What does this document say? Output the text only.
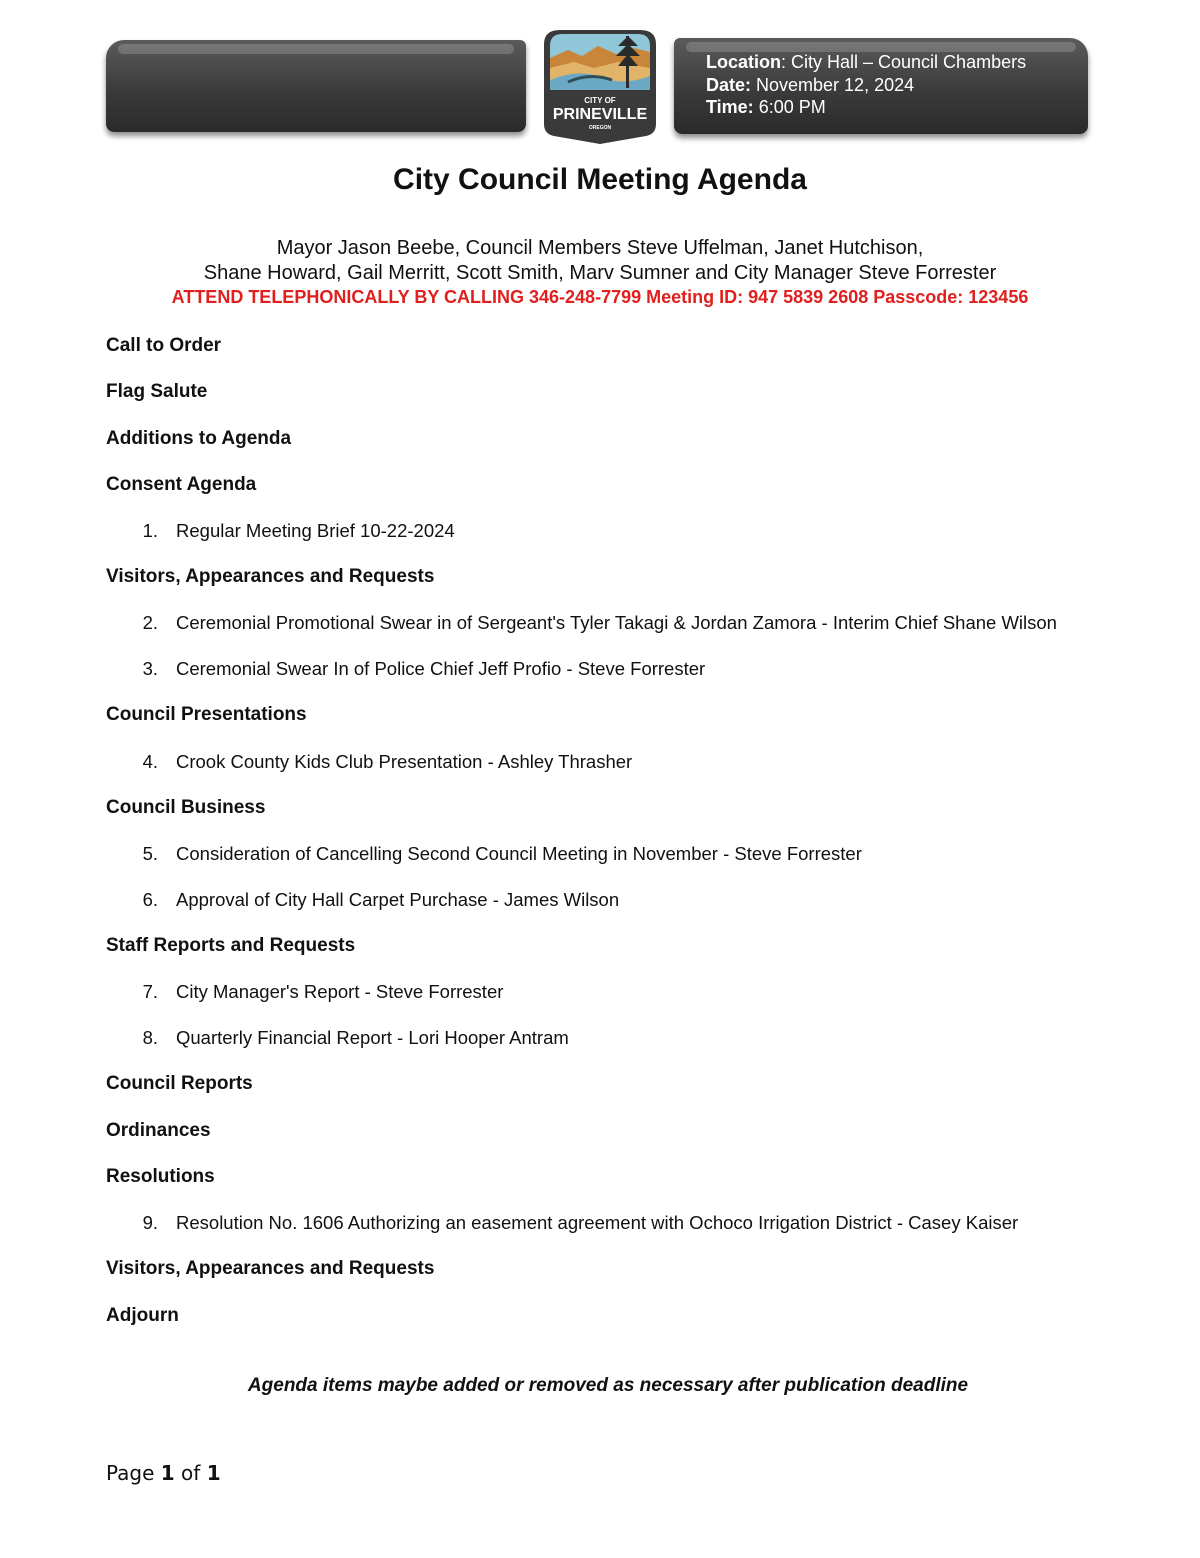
Location: City Hall – Council Chambers
Date: November 12, 2024
Time: 6:00 PM
CITY OF
PRINEVILLE
OREGON
City Council Meeting Agenda
Mayor Jason Beebe, Council Members Steve Uffelman, Janet Hutchison,
Shane Howard, Gail Merritt, Scott Smith, Marv Sumner and City Manager Steve Forrester
ATTEND TELEPHONICALLY BY CALLING 346-248-7799 Meeting ID: 947 5839 2608 Passcode: 123456
Call to Order
Flag Salute
Additions to Agenda
Consent Agenda
1. Regular Meeting Brief 10-22-2024
Visitors, Appearances and Requests
2. Ceremonial Promotional Swear in of Sergeant's Tyler Takagi & Jordan Zamora - Interim Chief Shane Wilson
3. Ceremonial Swear In of Police Chief Jeff Profio - Steve Forrester
Council Presentations
4. Crook County Kids Club Presentation - Ashley Thrasher
Council Business
5. Consideration of Cancelling Second Council Meeting in November - Steve Forrester
6. Approval of City Hall Carpet Purchase - James Wilson
Staff Reports and Requests
7. City Manager's Report - Steve Forrester
8. Quarterly Financial Report - Lori Hooper Antram
Council Reports
Ordinances
Resolutions
9. Resolution No. 1606 Authorizing an easement agreement with Ochoco Irrigation District - Casey Kaiser
Visitors, Appearances and Requests
Adjourn
Agenda items maybe added or removed as necessary after publication deadline
Page 1 of 1
